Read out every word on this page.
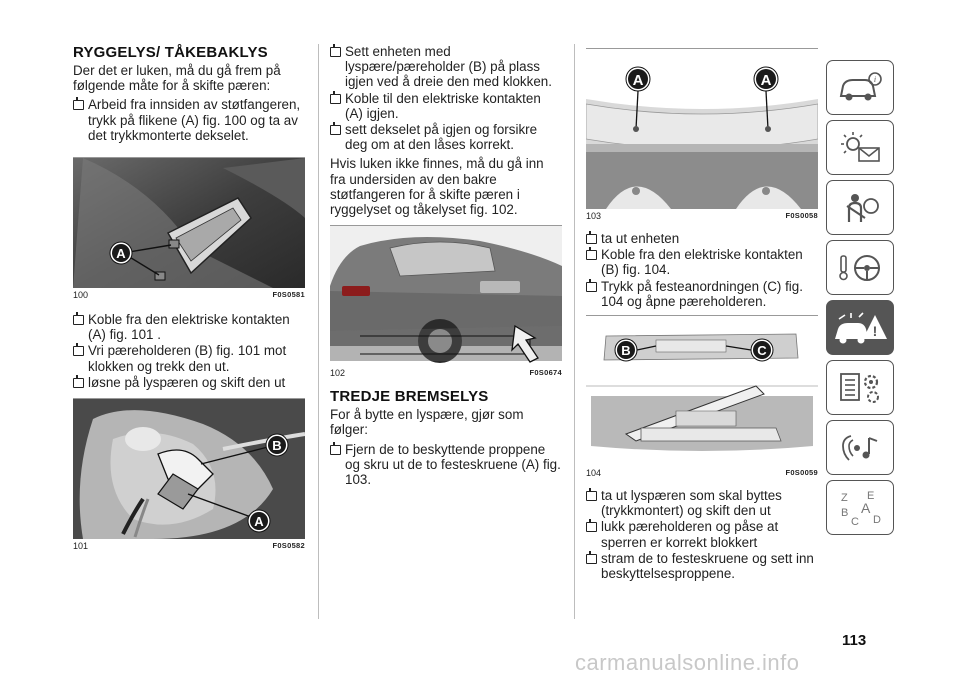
RYGGELYS/ TÅKEBAKLYS

Der det er luken, må du gå frem på følgende måte for å skifte pæren:

Arbeid fra innsiden av støtfangeren, trykk på flikene (A) fig. 100 og ta av det trykkmonterte dekselet.
A
100	F0S0581
Koble fra den elektriske kontakten (A) fig. 101 .
Vri pæreholderen (B) fig. 101 mot klokken og trekk den ut.
løsne på lyspæren og skift den ut
B
A
101	F0S0582
Sett enheten med lyspære/pæreholder (B) på plass igjen ved å dreie den med klokken.
Koble til den elektriske kontakten (A) igjen.
sett dekselet på igjen og forsikre deg om at den låses korrekt.

Hvis luken ikke finnes, må du gå inn fra undersiden av den bakre støtfangeren for å skifte pæren i ryggelyset og tåkelyset fig. 102.

102	F0S0674
TREDJE BREMSELYS

For å bytte en lyspære, gjør som følger:

Fjern de to beskyttende proppene og skru ut de to festeskruene (A) fig. 103.
A	A
103	F0S0058
ta ut enheten
Koble fra den elektriske kontakten (B) fig. 104.
Trykk på festeanordningen (C) fig. 104 og åpne pæreholderen.
B	C
104	F0S0059
ta ut lyspæren som skal byttes (trykkmontert) og skift den ut
lukk pæreholderen og påse at sperren er korrekt blokkert
stram de to festeskruene og sett inn beskyttelsesproppene.
i
!
Z E
B A
C D
113
carmanualsonline.info
